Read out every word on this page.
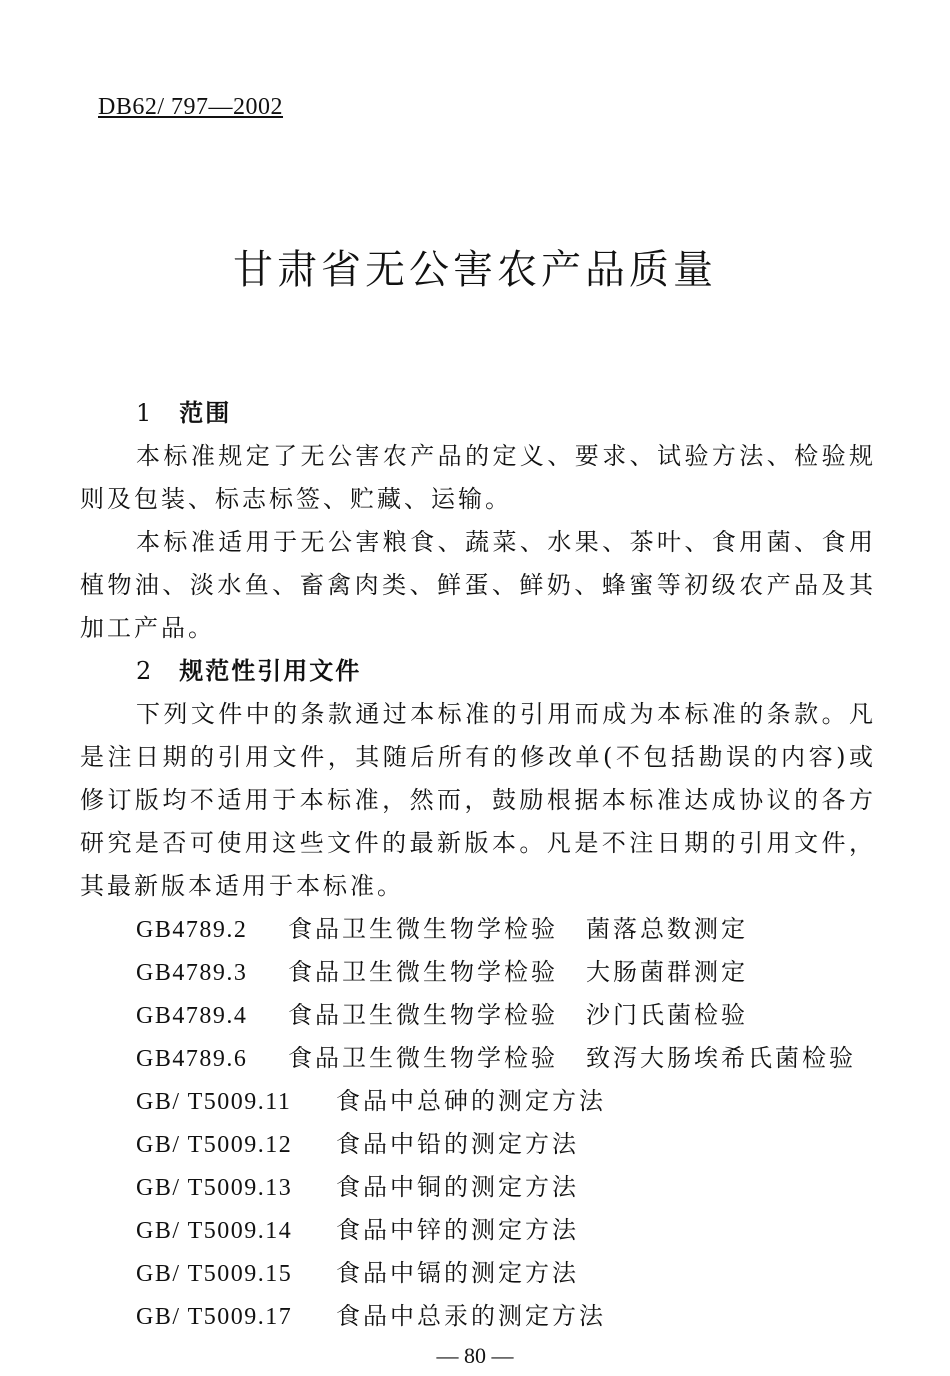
DB62/ 797—2002
甘肃省无公害农产品质量
1 范围

本标准规定了无公害农产品的定义、要求、试验方法、检验规则及包装、标志标签、贮藏、运输。

本标准适用于无公害粮食、蔬菜、水果、茶叶、食用菌、食用植物油、淡水鱼、畜禽肉类、鲜蛋、鲜奶、蜂蜜等初级农产品及其加工产品。

2 规范性引用文件

下列文件中的条款通过本标准的引用而成为本标准的条款。凡是注日期的引用文件，其随后所有的修改单(不包括勘误的内容)或修订版均不适用于本标准，然而，鼓励根据本标准达成协议的各方研究是否可使用这些文件的最新版本。凡是不注日期的引用文件，其最新版本适用于本标准。

GB4789.2 食品卫生微生物学检验 菌落总数测定
GB4789.3 食品卫生微生物学检验 大肠菌群测定
GB4789.4 食品卫生微生物学检验 沙门氏菌检验
GB4789.6 食品卫生微生物学检验 致泻大肠埃希氏菌检验
GB/ T5009.11 食品中总砷的测定方法
GB/ T5009.12 食品中铅的测定方法
GB/ T5009.13 食品中铜的测定方法
GB/ T5009.14 食品中锌的测定方法
GB/ T5009.15 食品中镉的测定方法
GB/ T5009.17 食品中总汞的测定方法
— 80 —
